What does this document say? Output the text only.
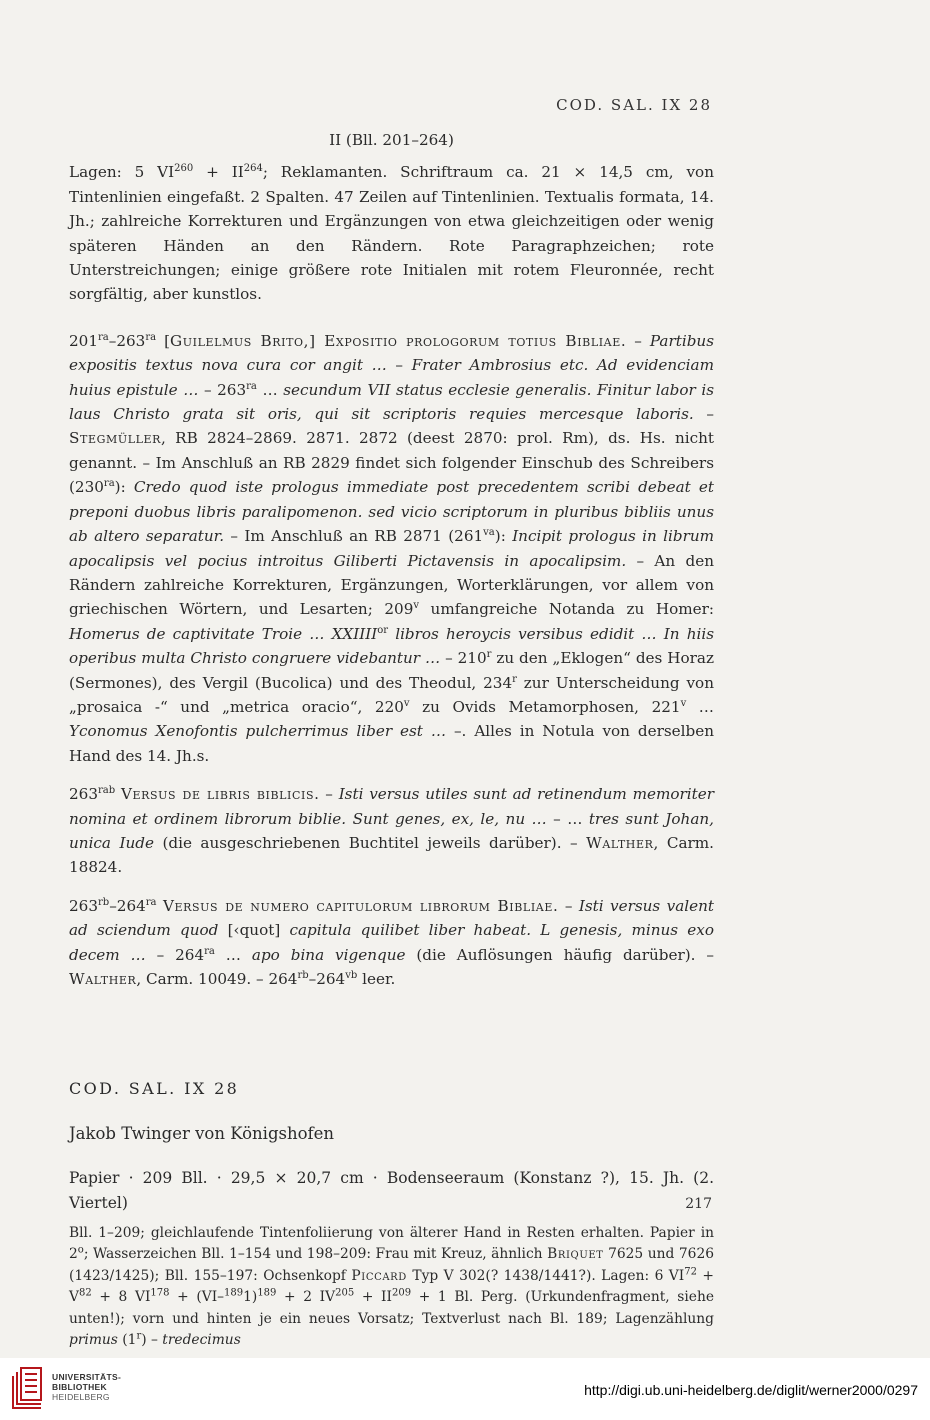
COD. SAL. IX 28
II (Bll. 201–264)

Lagen: 5 $VI^{260} + II^{264}$; Reklamanten. Schriftraum ca. 21 × 14,5 cm, von Tintenlinien eingefaßt. 2 Spalten. 47 Zeilen auf Tintenlinien. Textualis formata, 14. Jh.; zahlreiche Korrekturen und Ergänzungen von etwa gleichzeitigen oder wenig späteren Händen an den Rändern. Rote Paragraphzeichen; rote Unterstreichungen; einige größere rote Initialen mit rotem Fleuronnée, recht sorgfältig, aber kunstlos.

$201^{ra}-263^{ra}$ [Guilelmus Brito,] Expositio prologorum totius Bibliae. – Partibus expositis textus nova cura cor angit … – Frater Ambrosius etc. Ad evidenciam huius epistule … – $263^{ra}$ … secundum VII status ecclesie generalis. Finitur labor is laus Christo grata sit oris, qui sit scriptoris requies mercesque laboris. – Stegmüller, RB 2824–2869. 2871. 2872 (deest 2870: prol. Rm), ds. Hs. nicht genannt. – Im Anschluß an RB 2829 findet sich folgender Einschub des Schreibers $(230^{ra})$: Credo quod iste prologus immediate post precedentem scribi debeat et preponi duobus libris paralipomenon. sed vicio scriptorum in pluribus bibliis unus ab altero separatur. – Im Anschluß an RB 2871 $(261^{va})$: Incipit prologus in librum apocalipsis vel pocius introitus Giliberti Pictavensis in apocalipsim. – An den Rändern zahlreiche Korrekturen, Ergänzungen, Worterklärungen, vor allem von griechischen Wörtern, und Lesarten; 209$^v$ umfangreiche Notanda zu Homer: Homerus de captivitate Troie … $XXIIII^{or}$ libros heroycis versibus edidit … In hiis operibus multa Christo congruere videbantur … – 210$^r$ zu den „Eklogen“ des Horaz (Sermones), des Vergil (Bucolica) und des Theodul, 234$^r$ zur Unterscheidung von „prosaica -“ und „metrica oracio“, 220$^v$ zu Ovids Metamorphosen, 221$^v$ … Yconomus Xenofontis pulcherrimus liber est … –. Alles in Notula von derselben Hand des 14. Jh.s.

$263^{rab}$ Versus de libris biblicis. – Isti versus utiles sunt ad retinendum memoriter nomina et ordinem librorum biblie. Sunt genes, ex, le, nu … – … tres sunt Johan, unica Iude (die ausgeschriebenen Buchtitel jeweils darüber). – Walther, Carm. 18824.

$263^{rb}-264^{ra}$ Versus de numero capitulorum librorum Bibliae. – Isti versus valent ad sciendum quod [‹quot] capitula quilibet liber habeat. L genesis, minus exo decem … – $264^{ra}$ … apo bina vigenque (die Auflösungen häufig darüber). – Walther, Carm. 10049. – $264^{rb}-264^{vb}$ leer.

COD. SAL. IX 28
Jakob Twinger von Königshofen
Papier · 209 Bll. · 29,5 × 20,7 cm · Bodenseeraum (Konstanz ?), 15. Jh. (2. Viertel)

Bll. 1–209; gleichlaufende Tintenfoliierung von älterer Hand in Resten erhalten. Papier in 2$^o$; Wasserzeichen Bll. 1–154 und 198–209: Frau mit Kreuz, ähnlich Briquet 7625 und 7626 (1423/1425); Bll. 155–197: Ochsenkopf Piccard Typ V 302(? 1438/1441?). Lagen: 6 $VI^{72} + V^{82} + 8$ $VI^{178} + (VI-^{189}1)^{189} + 2$ $IV^{205} + II^{209} + 1$ Bl. Perg. (Urkundenfragment, siehe unten!); vorn und hinten je ein neues Vorsatz; Textverlust nach Bl. 189; Lagenzählung primus (1$^r$) – tredecimus

217
UNIVERSITÄTS-
BIBLIOTHEK
HEIDELBERG	http://digi.ub.uni-heidelberg.de/diglit/werner2000/0297
